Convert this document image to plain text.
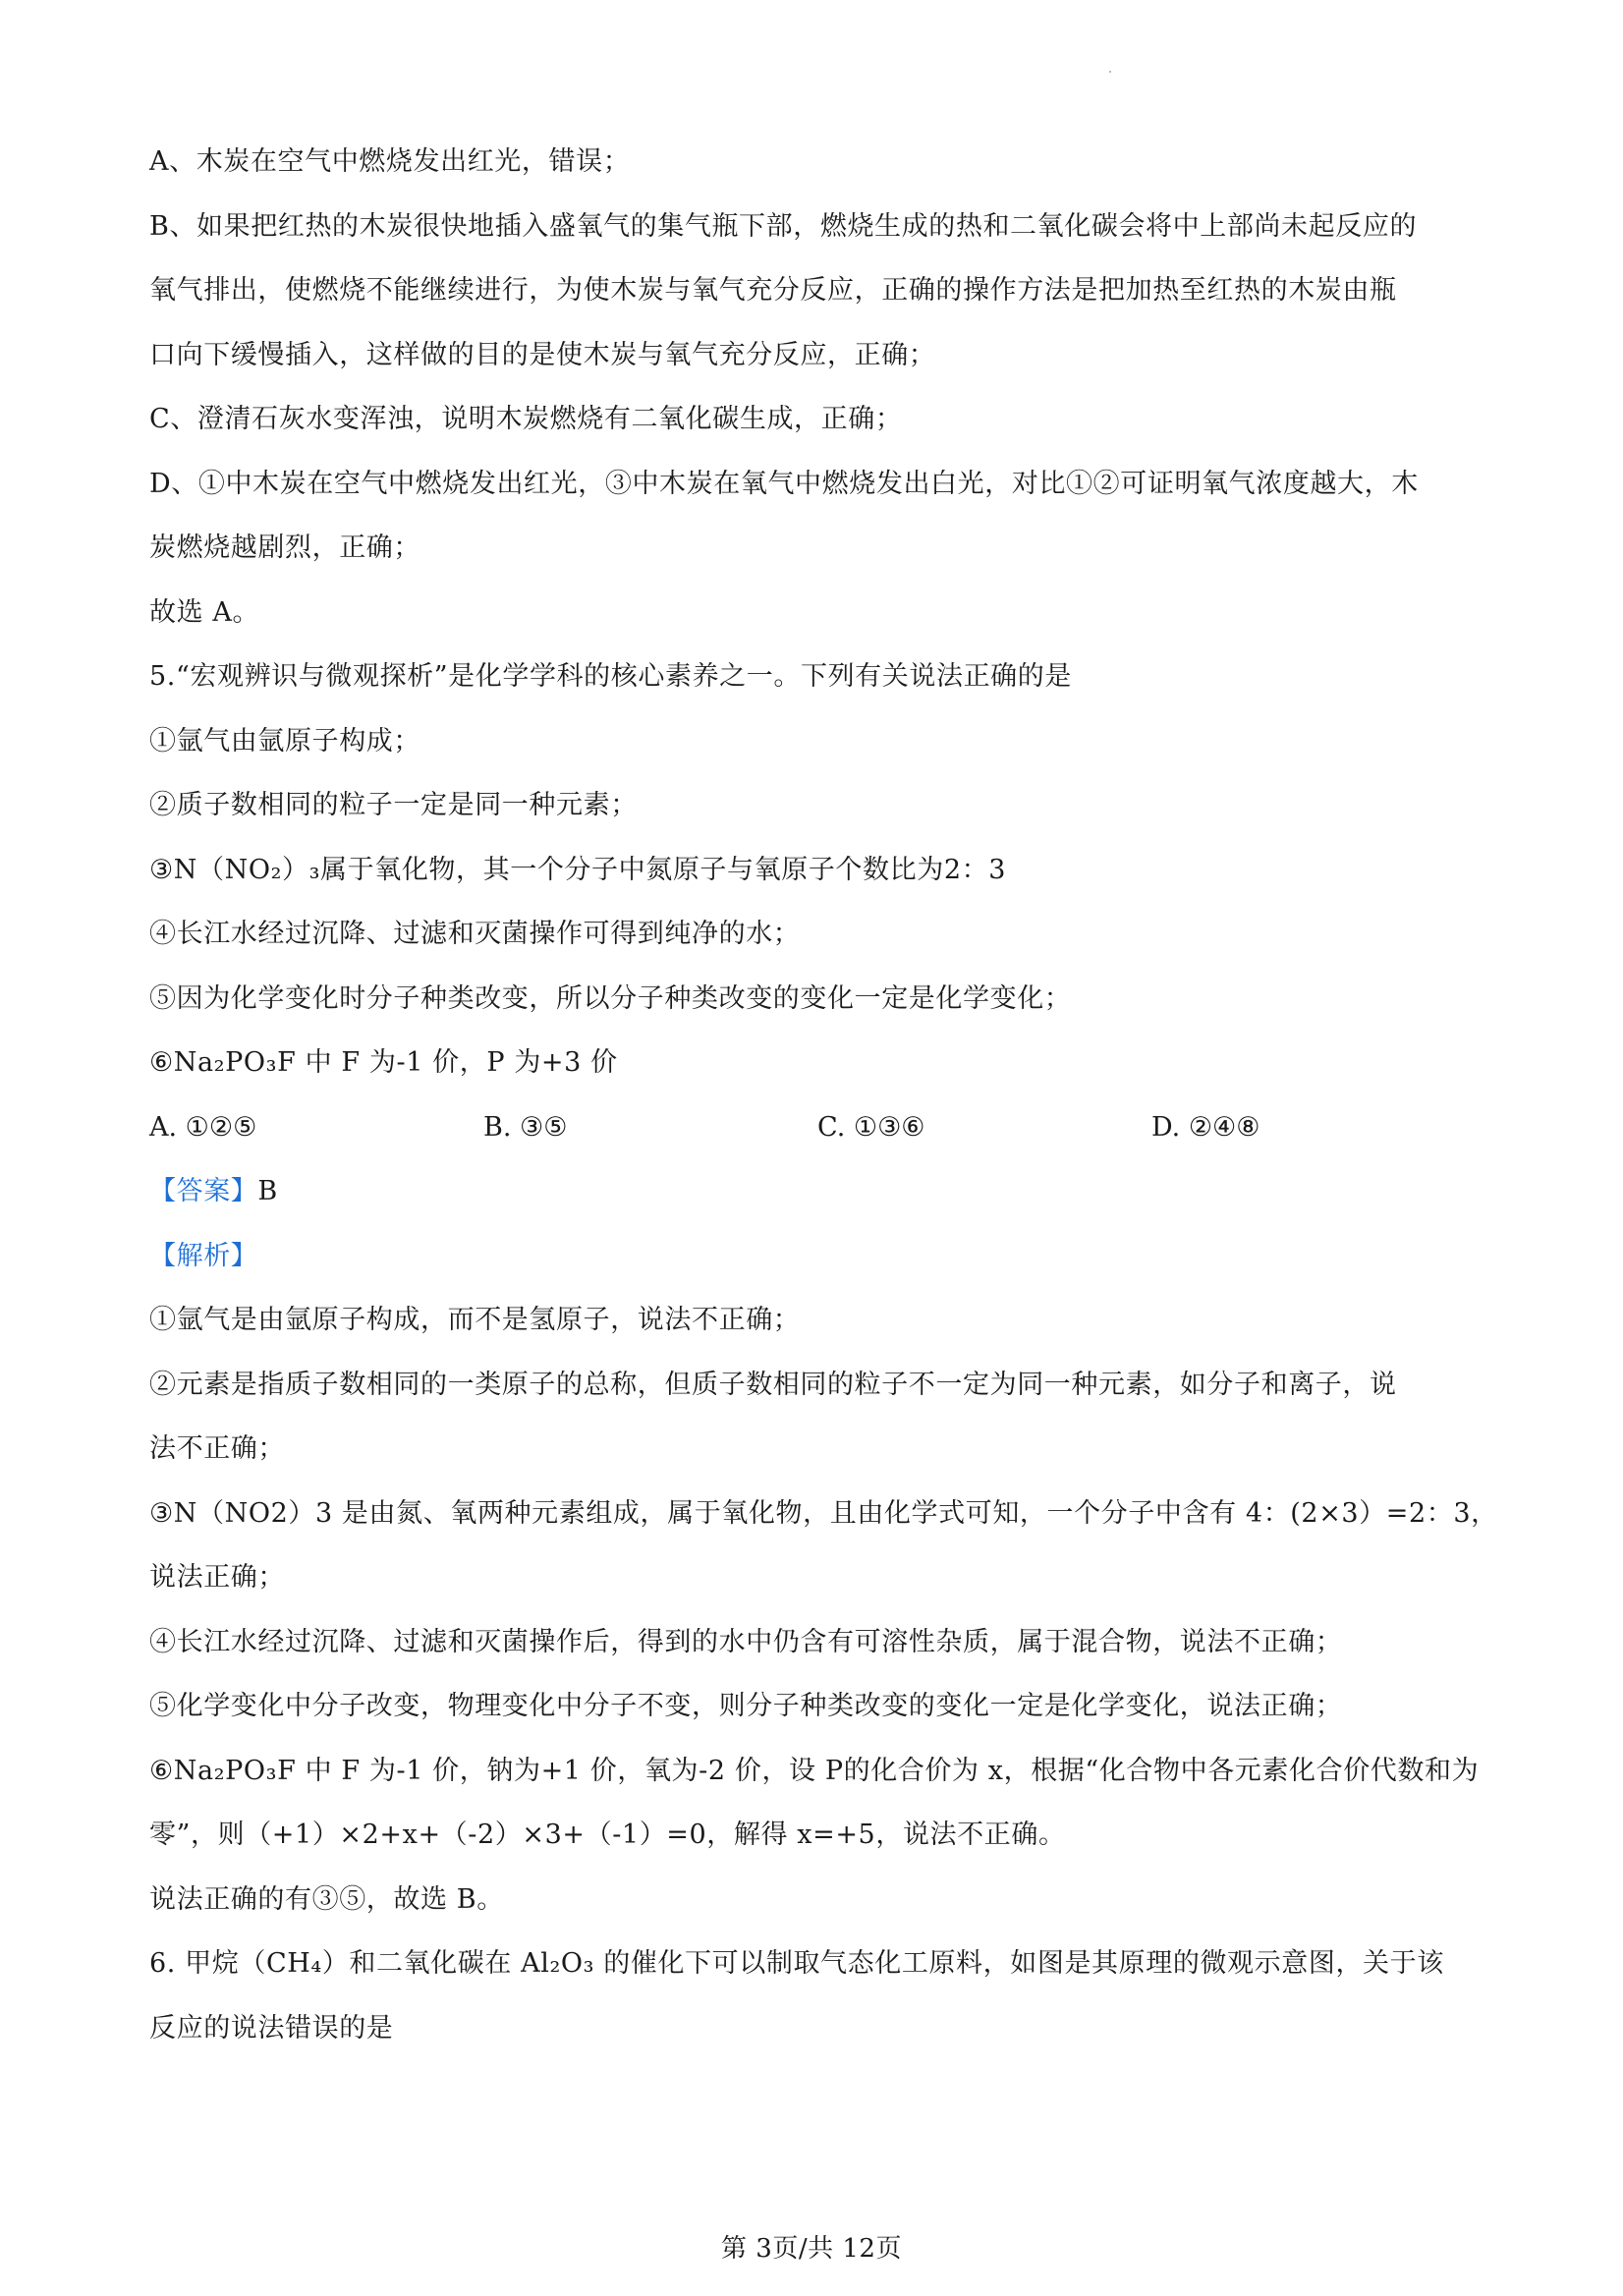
A、木炭在空气中燃烧发出红光，错误；
B、如果把红热的木炭很快地插入盛氧气的集气瓶下部，燃烧生成的热和二氧化碳会将中上部尚未起反应的
氧气排出，使燃烧不能继续进行，为使木炭与氧气充分反应，正确的操作方法是把加热至红热的木炭由瓶
口向下缓慢插入，这样做的目的是使木炭与氧气充分反应，正确；
C、澄清石灰水变浑浊，说明木炭燃烧有二氧化碳生成，正确；
D、①中木炭在空气中燃烧发出红光，③中木炭在氧气中燃烧发出白光，对比①②可证明氧气浓度越大，木
炭燃烧越剧烈，正确；
故选 A。
5.“宏观辨识与微观探析”是化学学科的核心素养之一。下列有关说法正确的是
①氩气由氩原子构成；
②质子数相同的粒子一定是同一种元素；
③N（NO₂）₃属于氧化物，其一个分子中氮原子与氧原子个数比为2：3
④长江水经过沉降、过滤和灭菌操作可得到纯净的水；
⑤因为化学变化时分子种类改变，所以分子种类改变的变化一定是化学变化；
⑥Na₂PO₃F 中 F 为-1 价，P 为+3 价
A. ①②⑤	B. ③⑤	C. ①③⑥	D. ②④⑧
【答案】B
【解析】
①氩气是由氩原子构成，而不是氢原子，说法不正确；
②元素是指质子数相同的一类原子的总称，但质子数相同的粒子不一定为同一种元素，如分子和离子，说
法不正确；
③N（NO2）3 是由氮、氧两种元素组成，属于氧化物，且由化学式可知，一个分子中含有 4：(2×3）=2：3，
说法正确；
④长江水经过沉降、过滤和灭菌操作后，得到的水中仍含有可溶性杂质，属于混合物，说法不正确；
⑤化学变化中分子改变，物理变化中分子不变，则分子种类改变的变化一定是化学变化，说法正确；
⑥Na₂PO₃F 中 F 为-1 价，钠为+1 价，氧为-2 价，设 P的化合价为 x，根据“化合物中各元素化合价代数和为
零”，则（+1）×2+x+（-2）×3+（-1）=0，解得 x=+5，说法不正确。
说法正确的有③⑤，故选 B。
6. 甲烷（CH₄）和二氧化碳在 Al₂O₃ 的催化下可以制取气态化工原料，如图是其原理的微观示意图，关于该
反应的说法错误的是
第 3页/共 12页
